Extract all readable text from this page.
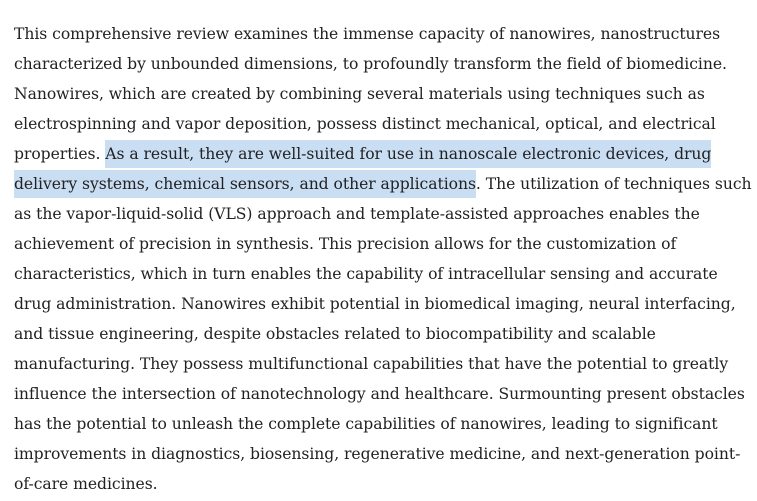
This comprehensive review examines the immense capacity of nanowires, nanostructures
characterized by unbounded dimensions, to profoundly transform the field of biomedicine.
Nanowires, which are created by combining several materials using techniques such as
electrospinning and vapor deposition, possess distinct mechanical, optical, and electrical
properties. As a result, they are well-suited for use in nanoscale electronic devices, drug
delivery systems, chemical sensors, and other applications. The utilization of techniques such
as the vapor-liquid-solid (VLS) approach and template-assisted approaches enables the
achievement of precision in synthesis. This precision allows for the customization of
characteristics, which in turn enables the capability of intracellular sensing and accurate
drug administration. Nanowires exhibit potential in biomedical imaging, neural interfacing,
and tissue engineering, despite obstacles related to biocompatibility and scalable
manufacturing. They possess multifunctional capabilities that have the potential to greatly
influence the intersection of nanotechnology and healthcare. Surmounting present obstacles
has the potential to unleash the complete capabilities of nanowires, leading to significant
improvements in diagnostics, biosensing, regenerative medicine, and next-generation point-
of-care medicines.
